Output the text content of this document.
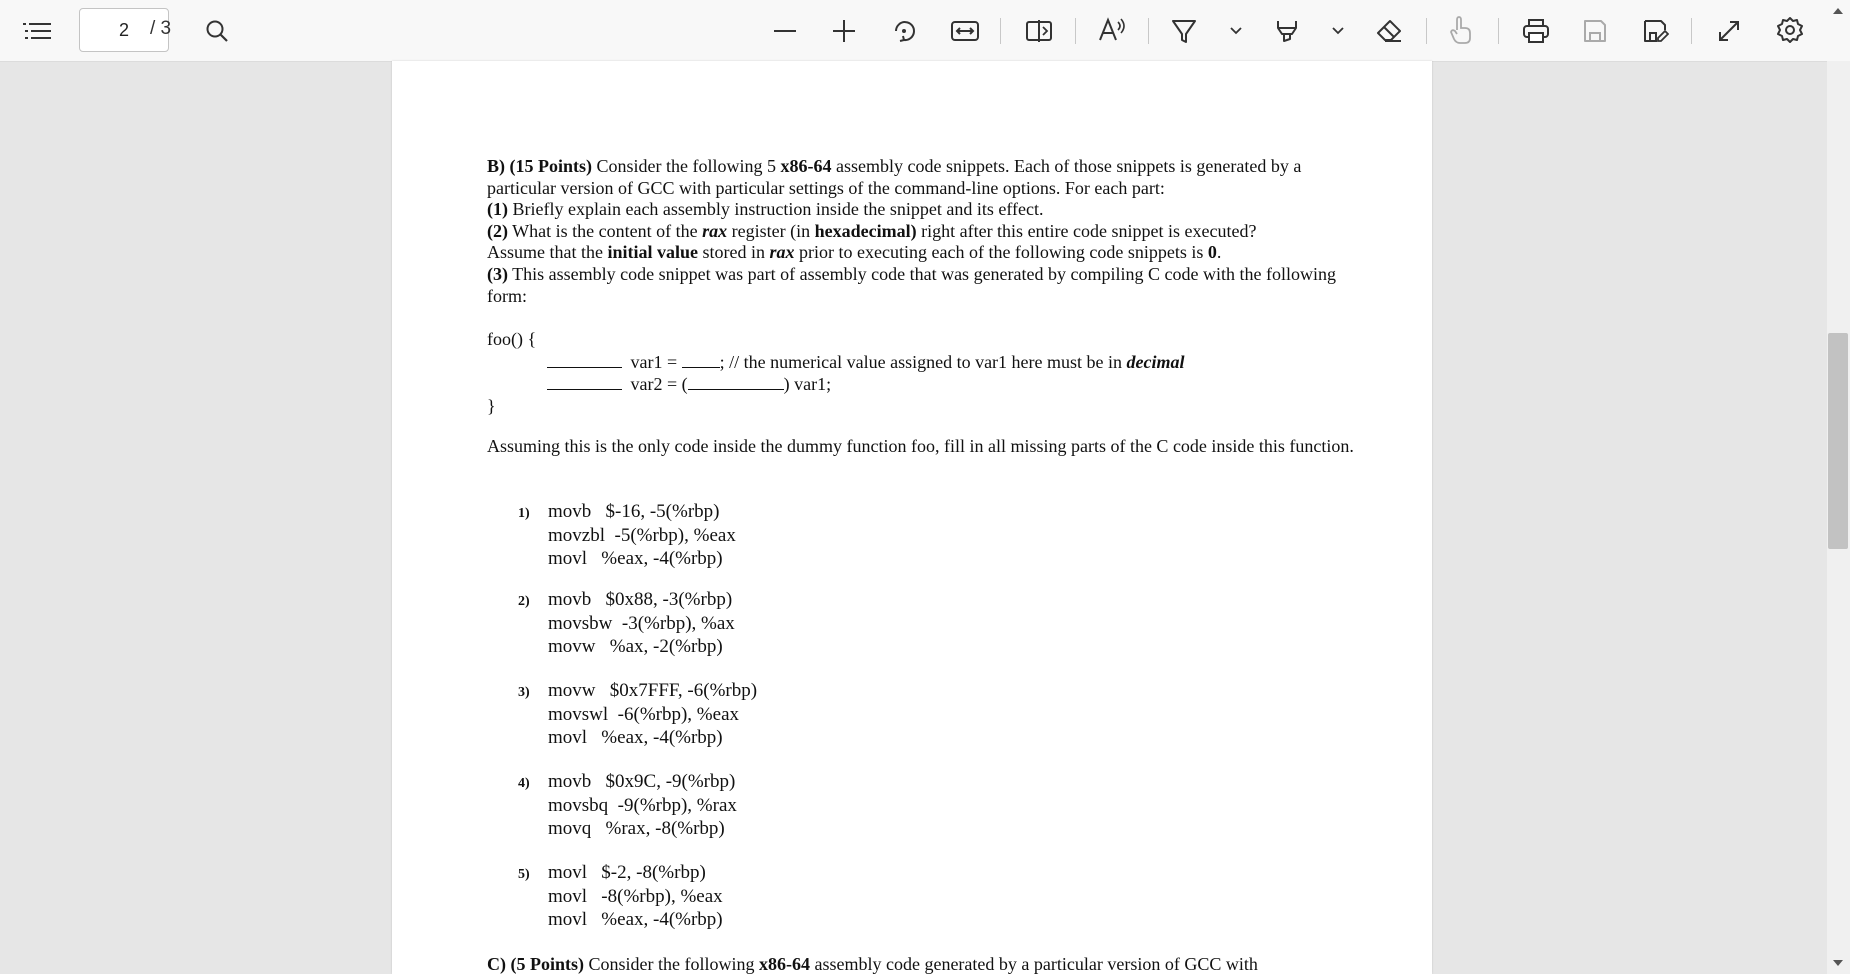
2	/ 3
B) (15 Points) Consider the following 5 x86-64 assembly code snippets. Each of those snippets is generated by a particular version of GCC with particular settings of the command-line options. For each part:
(1) Briefly explain each assembly instruction inside the snippet and its effect.
(2) What is the content of the rax register (in hexadecimal) right after this entire code snippet is executed?
Assume that the initial value stored in rax prior to executing each of the following code snippets is 0.
(3) This assembly code snippet was part of assembly code that was generated by compiling C code with the following form:
foo() {
var1 = ; // the numerical value assigned to var1 here must be in decimal
var2 = (	) var1;
}
Assuming this is the only code inside the dummy function foo, fill in all missing parts of the C code inside this function.
1) movb   $-16, -5(%rbp)
movzbl  -5(%rbp), %eax
movl   %eax, -4(%rbp)
2) movb   $0x88, -3(%rbp)
movsbw  -3(%rbp), %ax
movw   %ax, -2(%rbp)
3) movw   $0x7FFF, -6(%rbp)
movswl  -6(%rbp), %eax
movl   %eax, -4(%rbp)
4) movb   $0x9C, -9(%rbp)
movsbq  -9(%rbp), %rax
movq   %rax, -8(%rbp)
5) movl   $-2, -8(%rbp)
movl   -8(%rbp), %eax
movl   %eax, -4(%rbp)
C) (5 Points) Consider the following x86-64 assembly code generated by a particular version of GCC with
